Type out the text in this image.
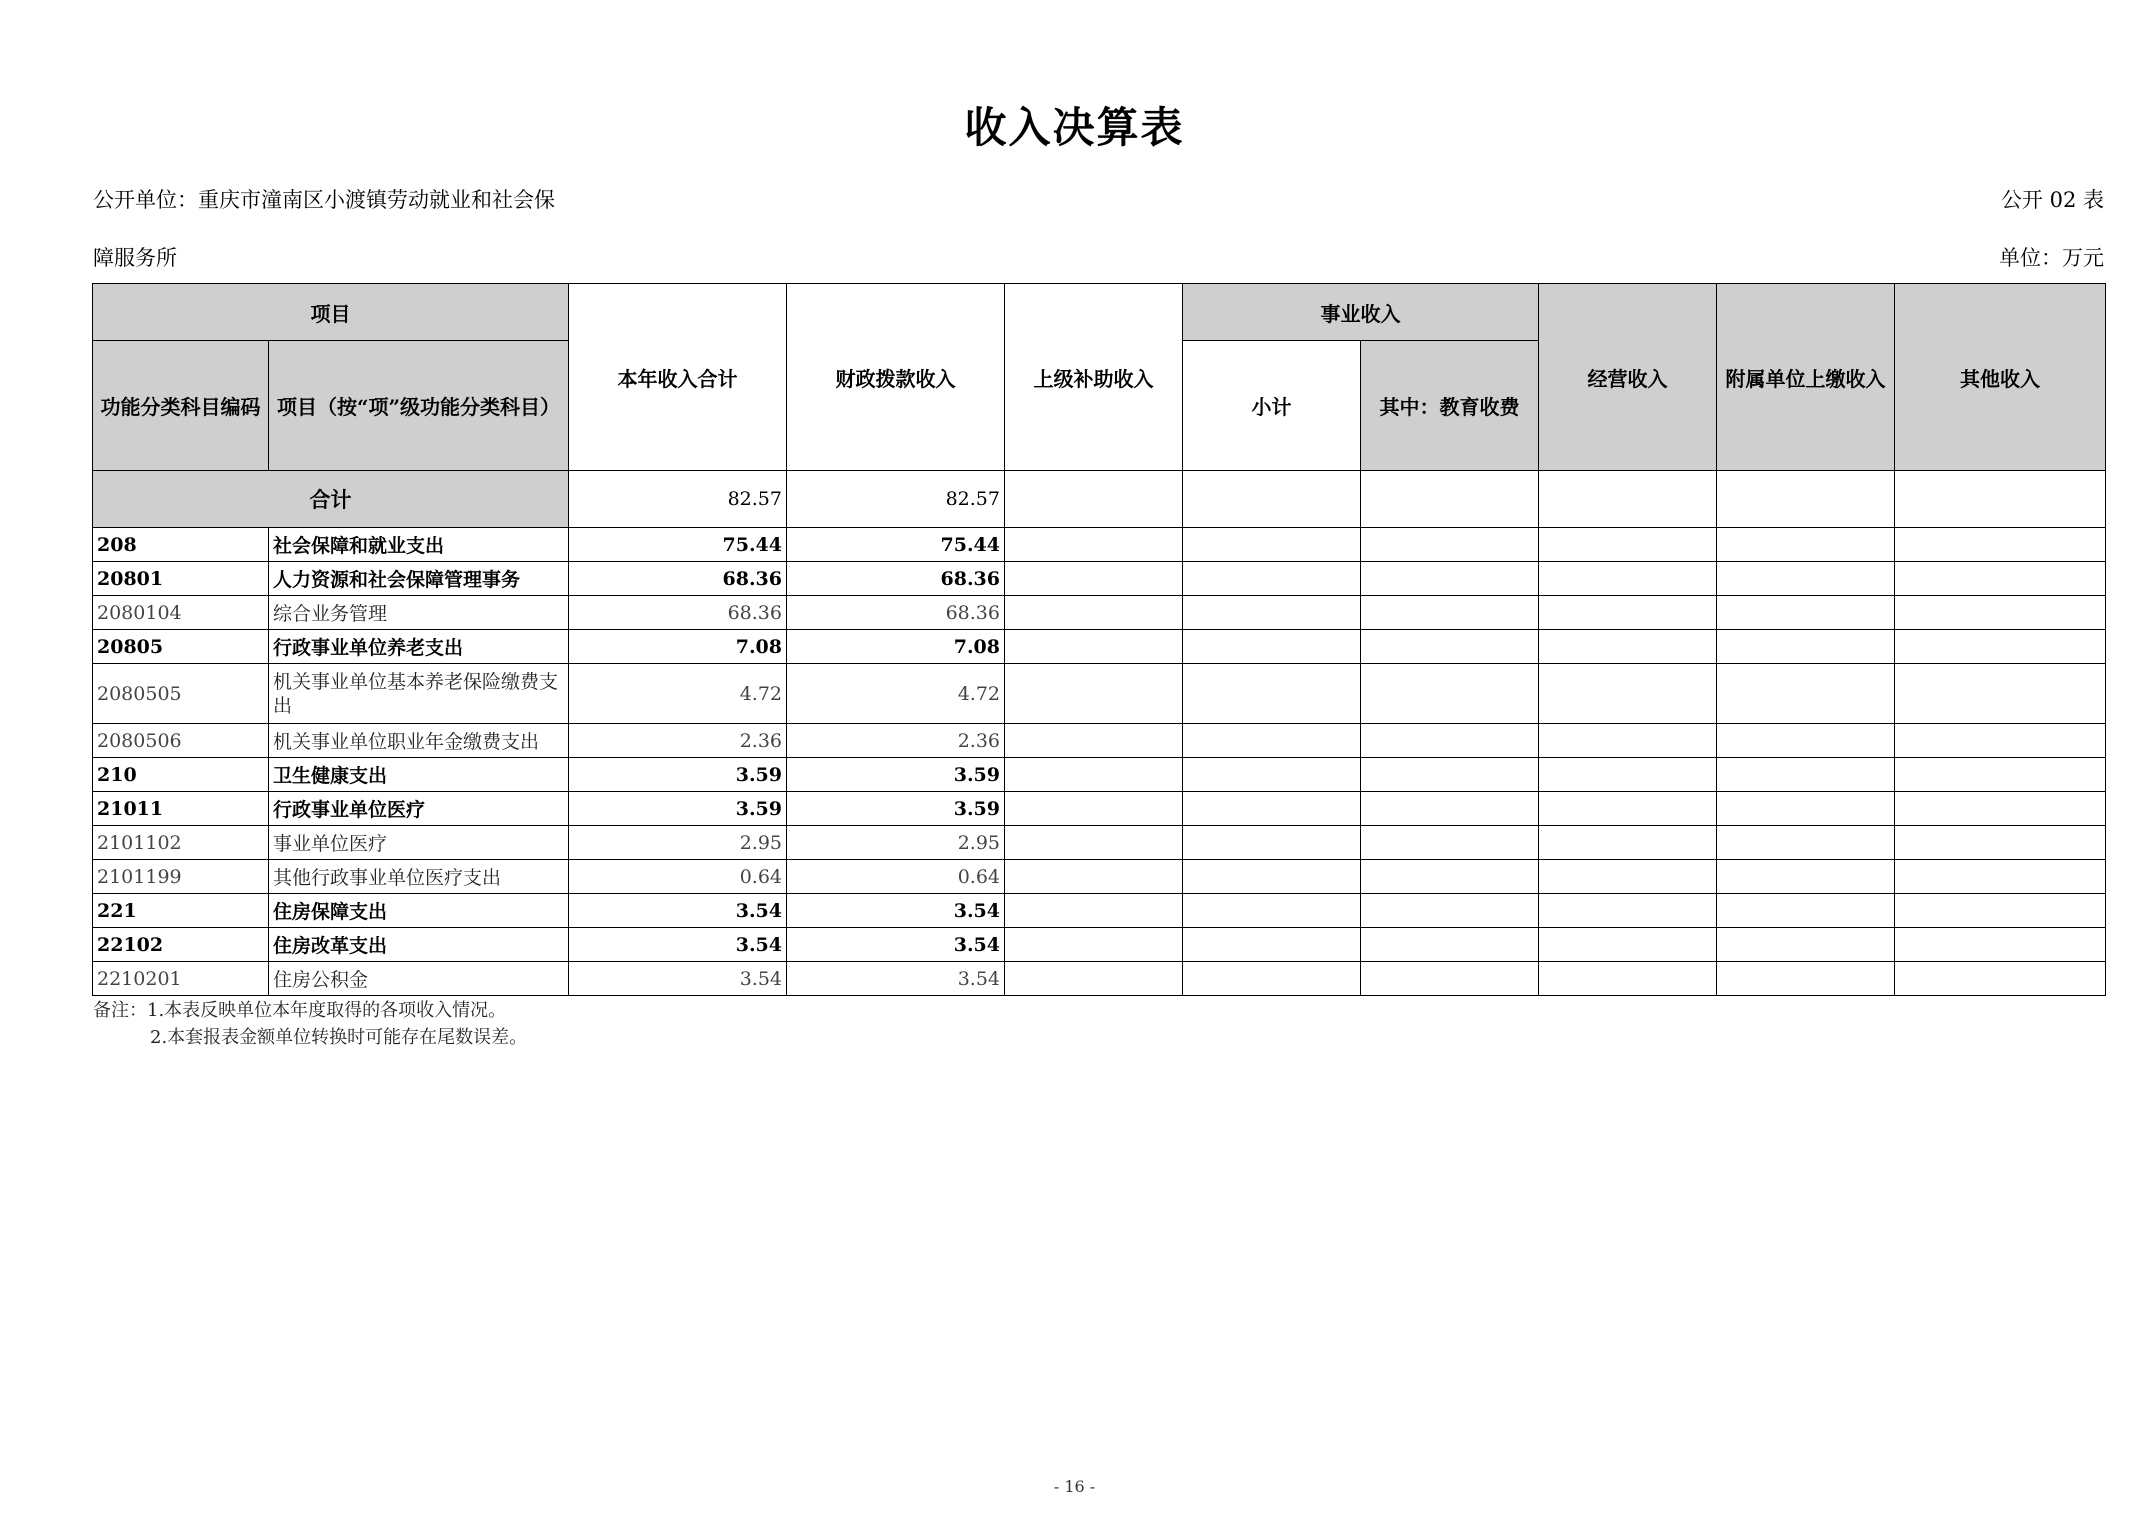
收入决算表
公开单位：重庆市潼南区小渡镇劳动就业和社会保
障服务所
公开 02 表
单位：万元
项目		本年收入合计	财政拨款收入	上级补助收入	事业收入		经营收入	附属单位上缴收入	其他收入
功能分类科目编码	项目（按“项”级功能分类科目）				小计	其中：教育收费			
合计		82.57	82.57						
208	社会保障和就业支出	75.44	75.44						
20801	人力资源和社会保障管理事务	68.36	68.36						
2080104	综合业务管理	68.36	68.36						
20805	行政事业单位养老支出	7.08	7.08						
2080505	机关事业单位基本养老保险缴费支出	4.72	4.72						
2080506	机关事业单位职业年金缴费支出	2.36	2.36						
210	卫生健康支出	3.59	3.59						
21011	行政事业单位医疗	3.59	3.59						
2101102	事业单位医疗	2.95	2.95						
2101199	其他行政事业单位医疗支出	0.64	0.64						
221	住房保障支出	3.54	3.54						
22102	住房改革支出	3.54	3.54						
2210201	住房公积金	3.54	3.54						
备注：1.本表反映单位本年度取得的各项收入情况。
2.本套报表金额单位转换时可能存在尾数误差。
- 16 -
